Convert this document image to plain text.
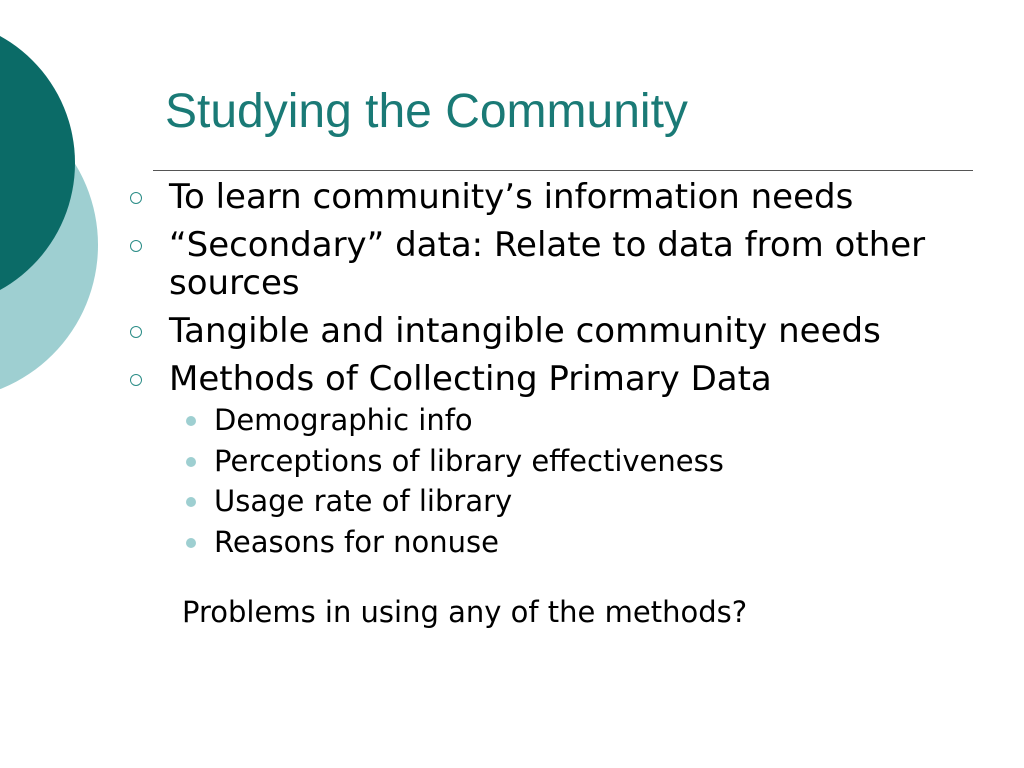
Studying the Community
To learn community’s information needs
“Secondary” data: Relate to data from other sources
Tangible and intangible community needs
Methods of Collecting Primary Data
Demographic info
Perceptions of library effectiveness
Usage rate of library
Reasons for nonuse
Problems in using any of the methods?
